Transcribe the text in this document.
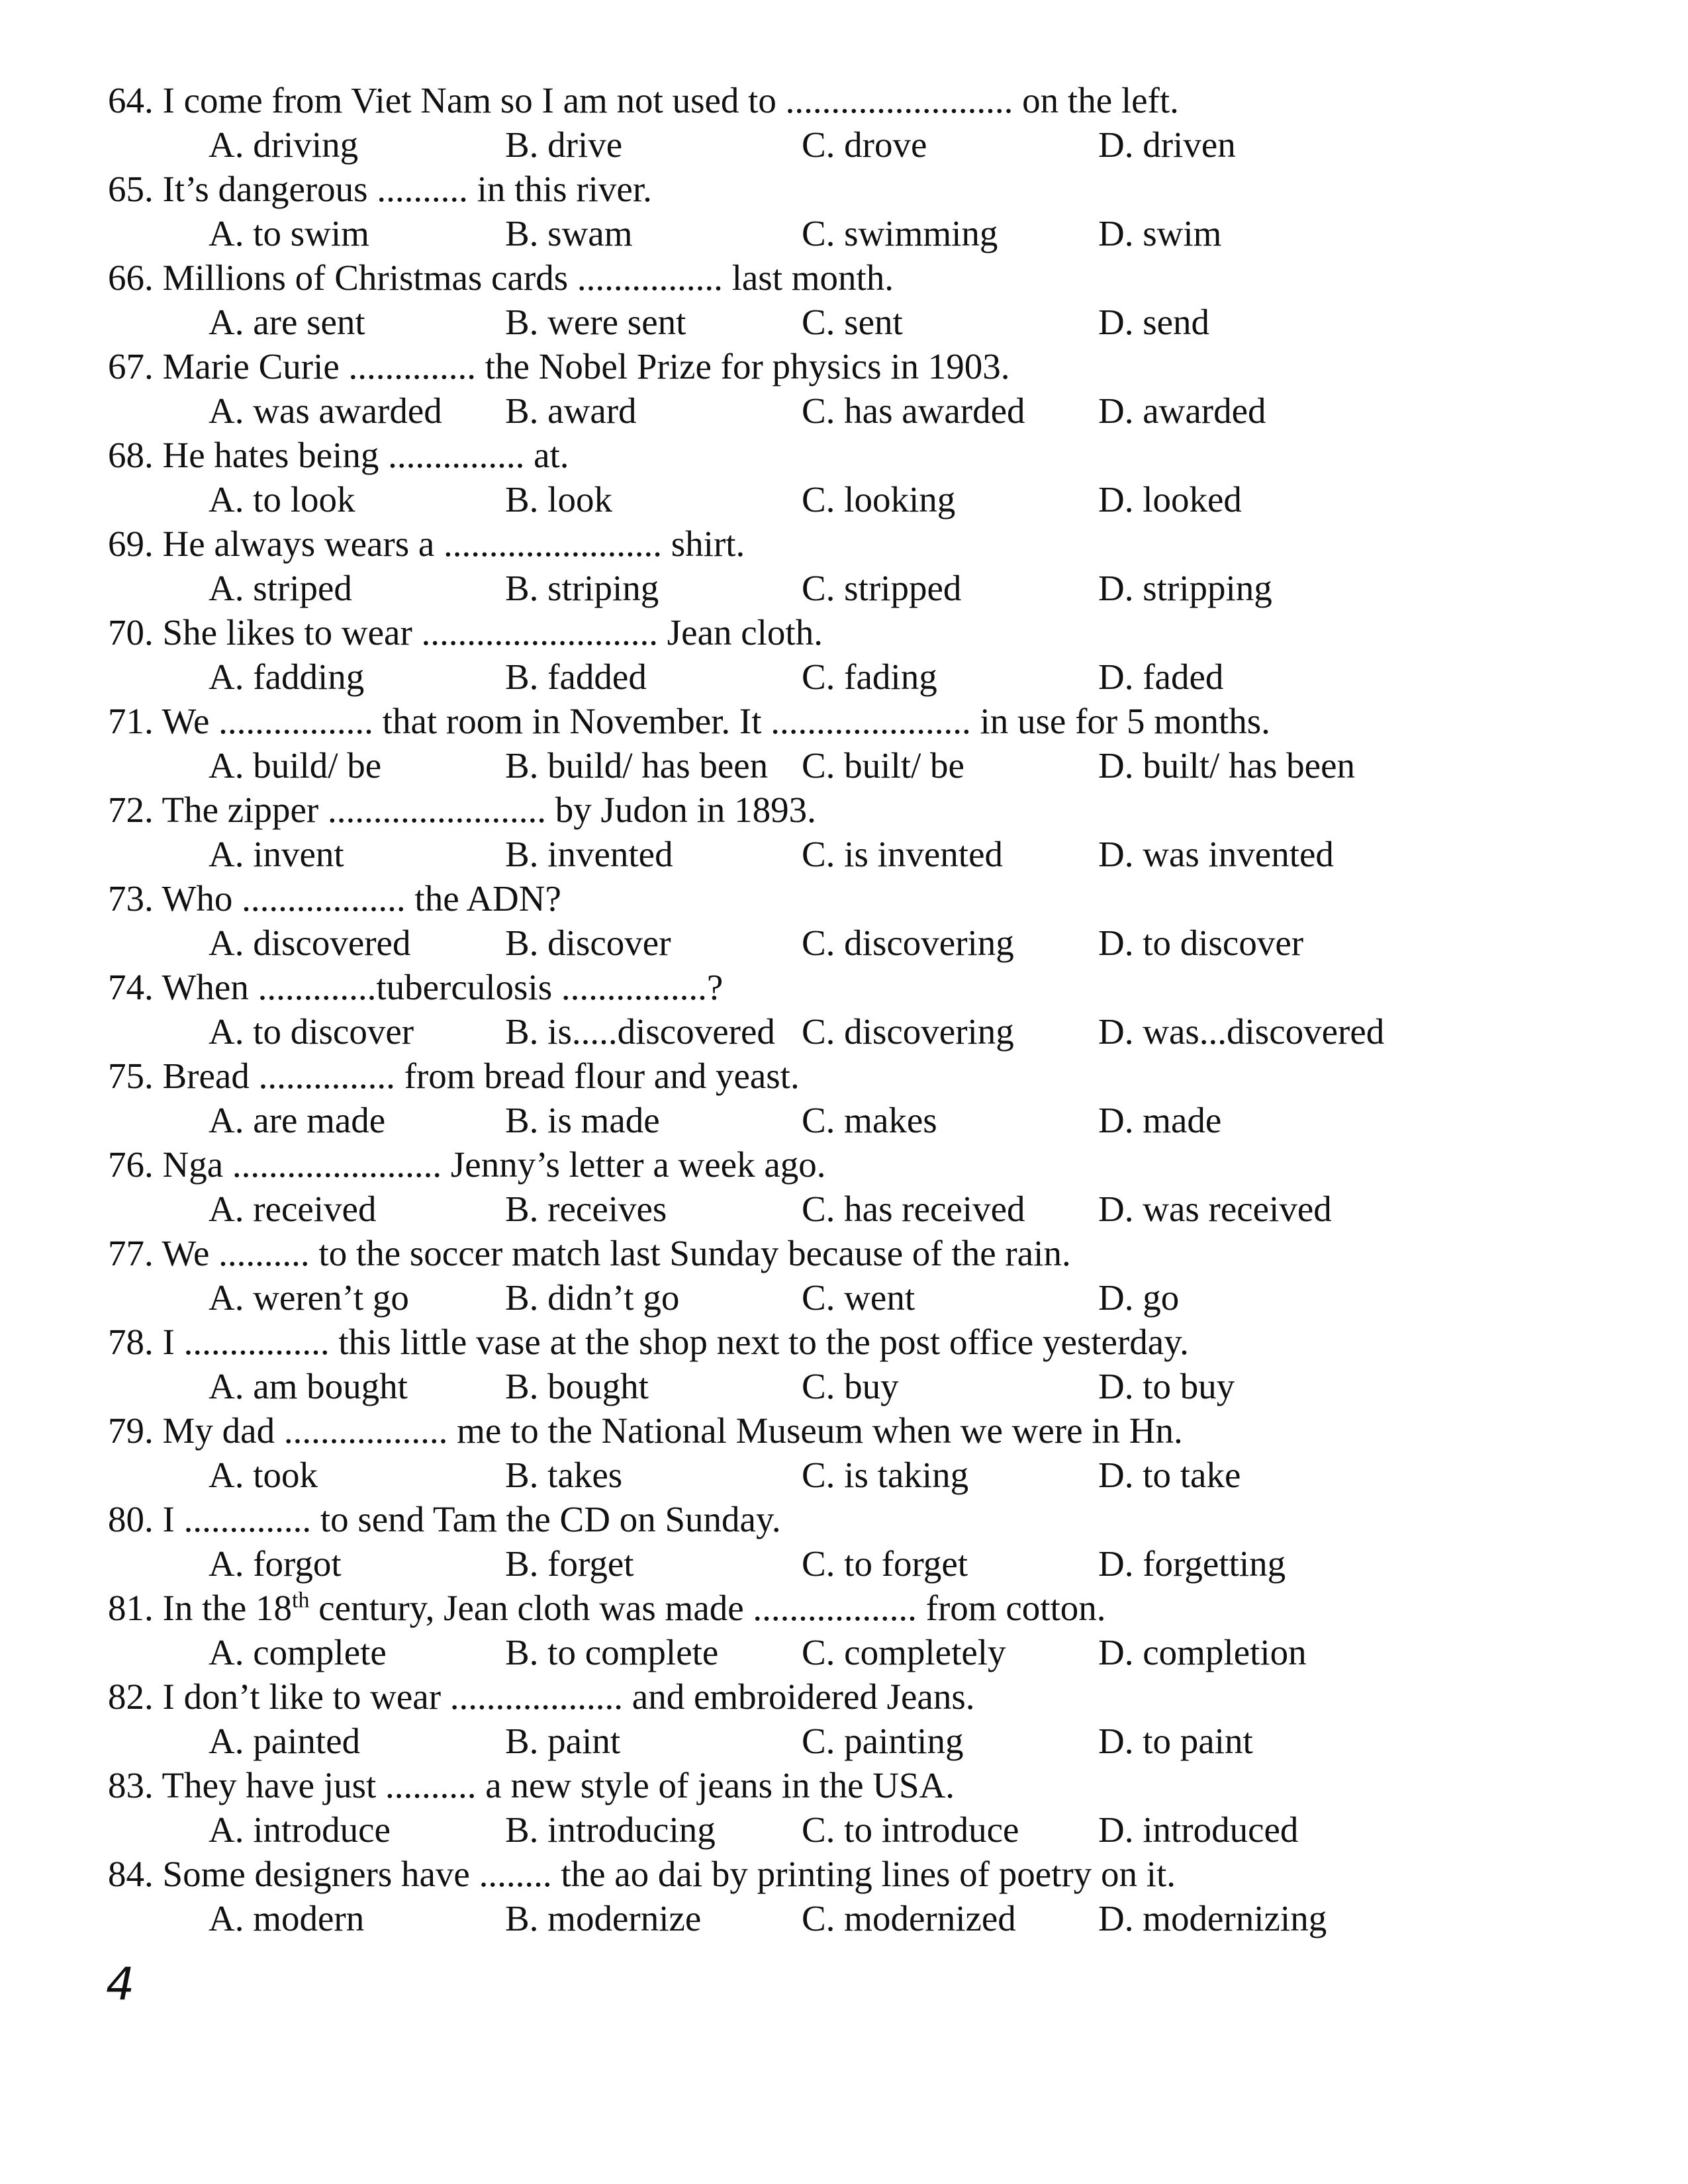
64. I come from Viet Nam so I am not used to ......................... on the left.
A. driving	B. drive	C. drove	D. driven
65. It’s dangerous .......... in this river.
A. to swim	B. swam	C. swimming	D. swim
66. Millions of Christmas cards ................ last month.
A. are sent	B. were sent	C. sent	D. send
67. Marie Curie .............. the Nobel Prize for physics in 1903.
A. was awarded B. award	C. has awarded D. awarded
68. He hates being ............... at.
A. to look	B. look	C. looking	D. looked
69. He always wears a ........................ shirt.
A. striped	B. striping	C. stripped	D. stripping
70. She likes to wear .......................... Jean cloth.
A. fadding	B. fadded	C. fading	D. faded
71. We ................. that room in November. It ...................... in use for 5 months.
A. build/ be	B. build/ has been C. built/ be	D. built/ has been
72. The zipper ........................ by Judon in 1893.
A. invent	B. invented	C. is invented	D. was invented
73. Who .................. the ADN?
A. discovered	B. discover	C. discovering D. to discover
74. When .............tuberculosis ................?
A. to discover	B. is.....discovered C. discovering D. was...discovered
75. Bread ............... from bread flour and yeast.
A. are made	B. is made	C. makes	D. made
76. Nga ....................... Jenny’s letter a week ago.
A. received	B. receives	C. has received D. was received
77. We .......... to the soccer match last Sunday because of the rain.
A. weren’t go	B. didn’t go	C. went	D. go
78. I ................ this little vase at the shop next to the post office yesterday.
A. am bought	B. bought	C. buy	D. to buy
79. My dad .................. me to the National Museum when we were in Hn.
A. took	B. takes	C. is taking	D. to take
80. I .............. to send Tam the CD on Sunday.
A. forgot	B. forget	C. to forget	D. forgetting
81. In the 18th century, Jean cloth was made .................. from cotton.
A. complete	B. to complete C. completely	D. completion
82. I don’t like to wear ................... and embroidered Jeans.
A. painted	B. paint	C. painting	D. to paint
83. They have just .......... a new style of jeans in the USA.
A. introduce	B. introducing C. to introduce D. introduced
84. Some designers have ........ the ao dai by printing lines of poetry on it.
A. modern	B. modernize	C. modernized D. modernizing
4
